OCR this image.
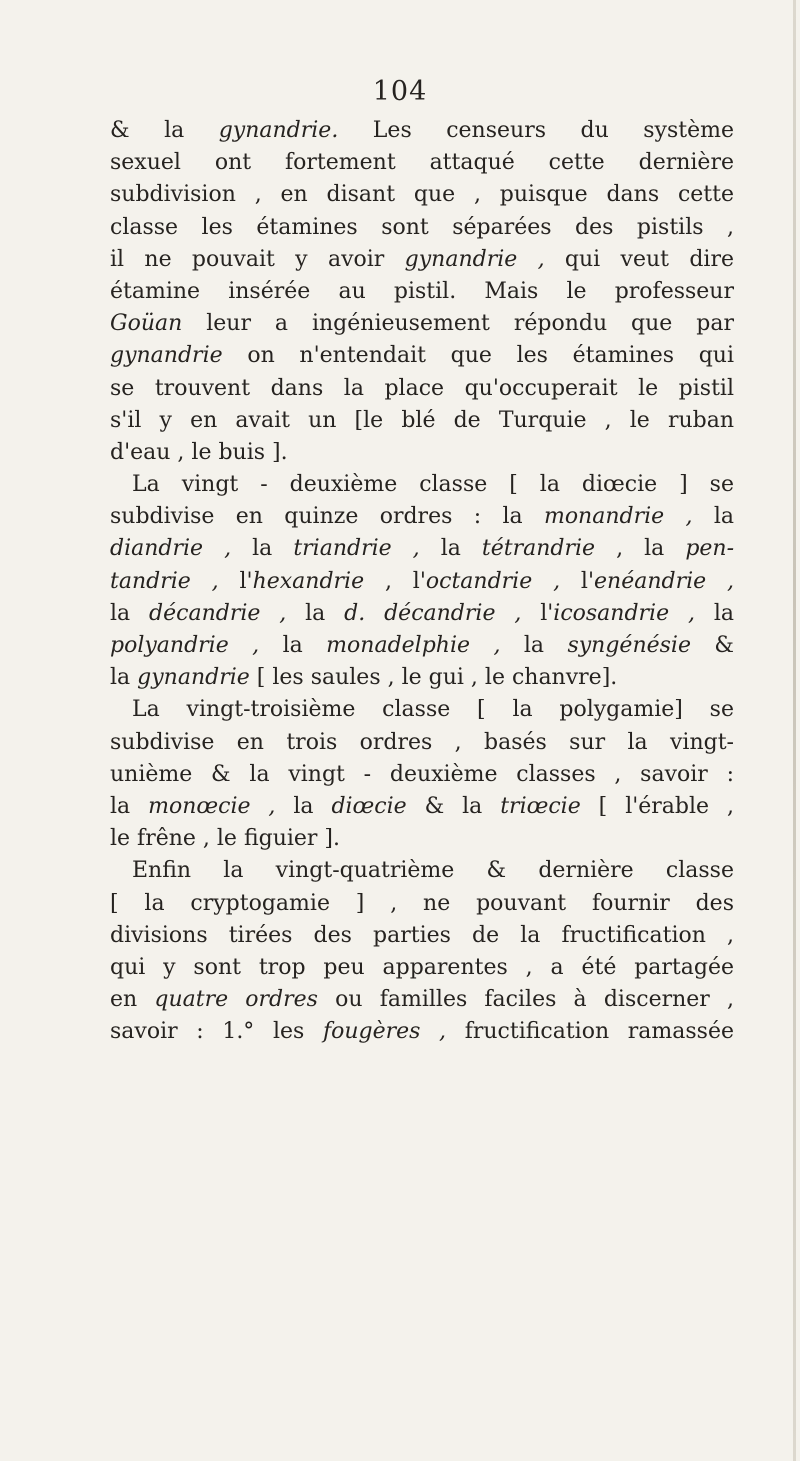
104
& la gynandrie. Les censeurs du système
sexuel ont fortement attaqué cette dernière
subdivision , en disant que , puisque dans cette
classe les étamines sont séparées des pistils ,
il ne pouvait y avoir gynandrie , qui veut dire
étamine insérée au pistil. Mais le professeur
Goüan leur a ingénieusement répondu que par
gynandrie on n'entendait que les étamines qui
se trouvent dans la place qu'occuperait le pistil
s'il y en avait un [le blé de Turquie , le ruban
d'eau , le buis ].
La vingt - deuxième classe [ la diœcie ] se
subdivise en quinze ordres : la monandrie , la
diandrie , la triandrie , la tétrandrie , la pen-
tandrie , l'hexandrie , l'octandrie , l'enéandrie ,
la décandrie , la d. décandrie , l'icosandrie , la
polyandrie , la monadelphie , la syngénésie &
la gynandrie [ les saules , le gui , le chanvre].
La vingt-troisième classe [ la polygamie] se
subdivise en trois ordres , basés sur la vingt-
unième & la vingt - deuxième classes , savoir :
la monœcie , la diœcie & la triœcie [ l'érable ,
le frêne , le figuier ].
Enfin la vingt-quatrième & dernière classe
[ la cryptogamie ] , ne pouvant fournir des
divisions tirées des parties de la fructification ,
qui y sont trop peu apparentes , a été partagée
en quatre ordres ou familles faciles à discerner ,
savoir : 1.° les fougères , fructification ramassée
